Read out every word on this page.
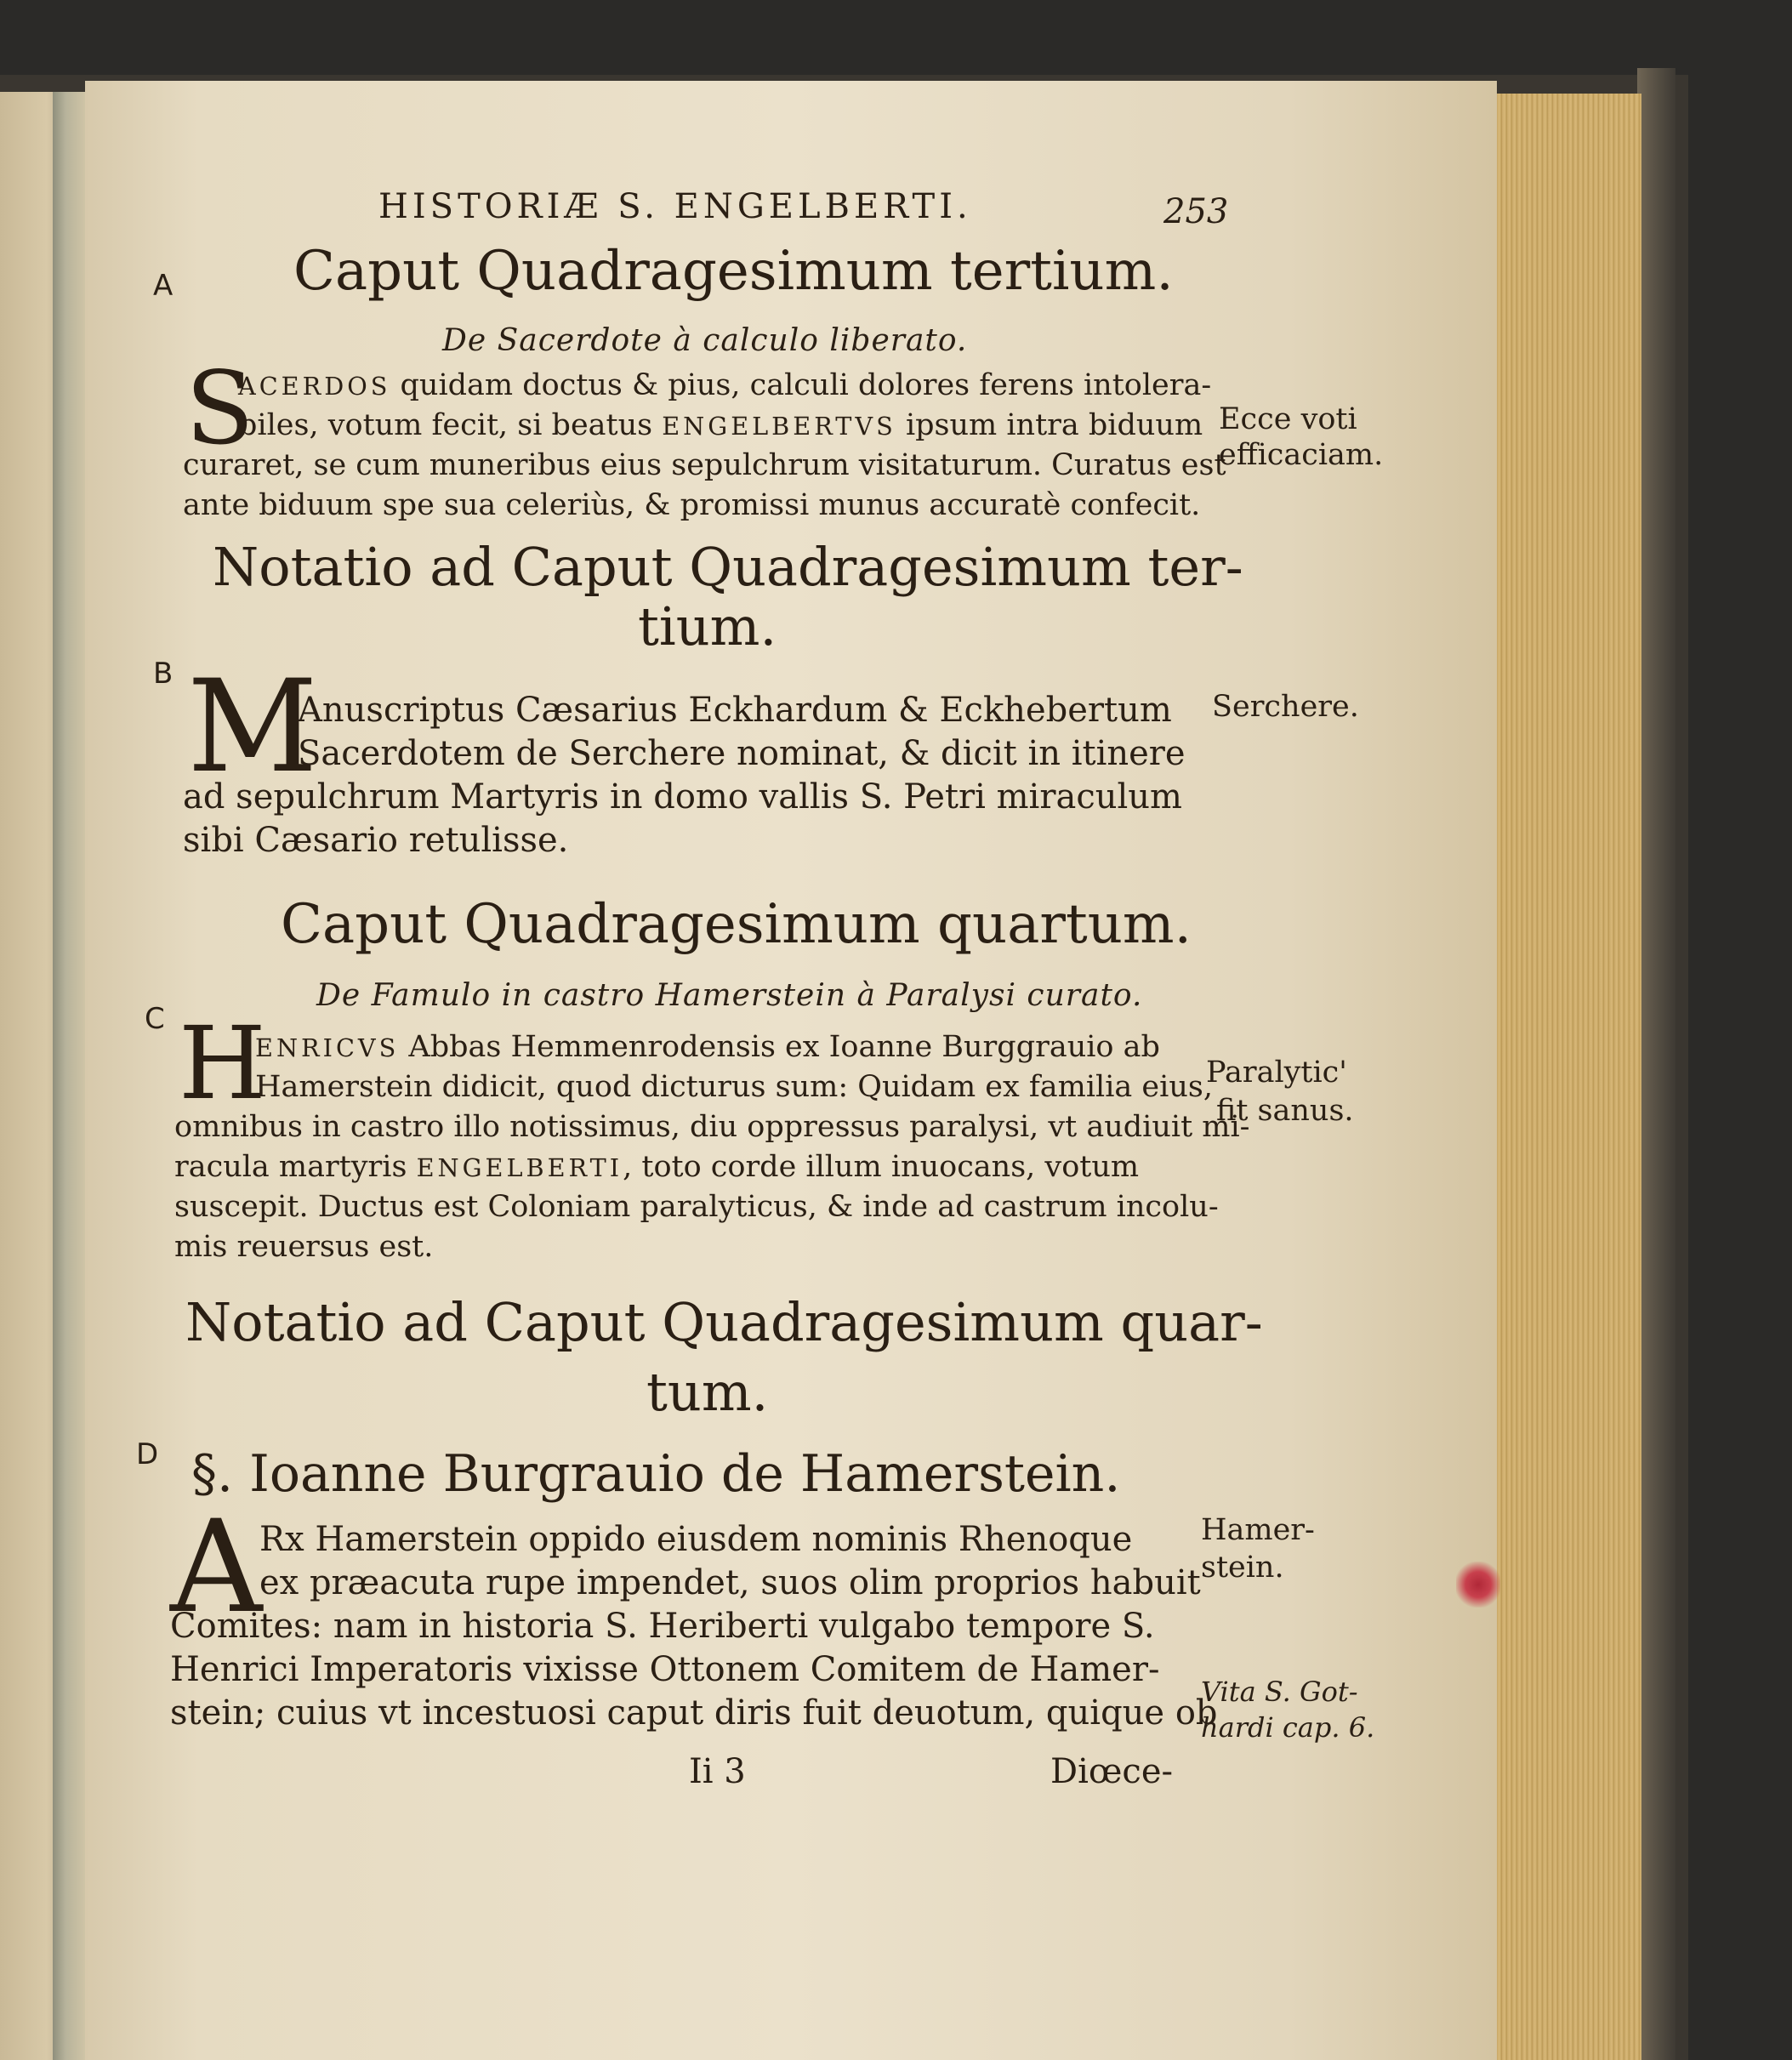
HISTORIÆ S. ENGELBERTI.	253
A
B
C
D
Caput Quadragesimum tertium.
De Sacerdote à calculo liberato.
S
ACERDOS quidam doctus & pius, calculi dolores ferens intolera-
biles, votum fecit, si beatus ENGELBERTVS ipsum intra biduum
curaret, se cum muneribus eius sepulchrum visitaturum. Curatus est
ante biduum spe sua celeriùs, & promissi munus accuratè confecit.
Ecce voti
efficaciam.
Notatio ad Caput Quadragesimum ter-
tium.
M
Anuscriptus Cæsarius Eckhardum & Eckhebertum
Sacerdotem de Serchere nominat, & dicit in itinere
ad sepulchrum Martyris in domo vallis S. Petri miraculum
sibi Cæsario retulisse.
Serchere.
Caput Quadragesimum quartum.
De Famulo in castro Hamerstein à Paralysi curato.
H
ENRICVS Abbas Hemmenrodensis ex Ioanne Burggrauio ab
Hamerstein didicit, quod dicturus sum: Quidam ex familia eius,
omnibus in castro illo notissimus, diu oppressus paralysi, vt audiuit mi-
racula martyris ENGELBERTI, toto corde illum inuocans, votum
suscepit. Ductus est Coloniam paralyticus, & inde ad castrum incolu-
mis reuersus est.
Paralytic'
fit sanus.
Notatio ad Caput Quadragesimum quar-
tum.
§. Ioanne Burgrauio de Hamerstein.
A
Rx Hamerstein oppido eiusdem nominis Rhenoque
ex præacuta rupe impendet, suos olim proprios habuit
Comites: nam in historia S. Heriberti vulgabo tempore S.
Henrici Imperatoris vixisse Ottonem Comitem de Hamer-
stein; cuius vt incestuosi caput diris fuit deuotum, quique ob
Hamer-
stein.
Vita S. Got-
hardi cap. 6.
Ii 3	Diœce-
